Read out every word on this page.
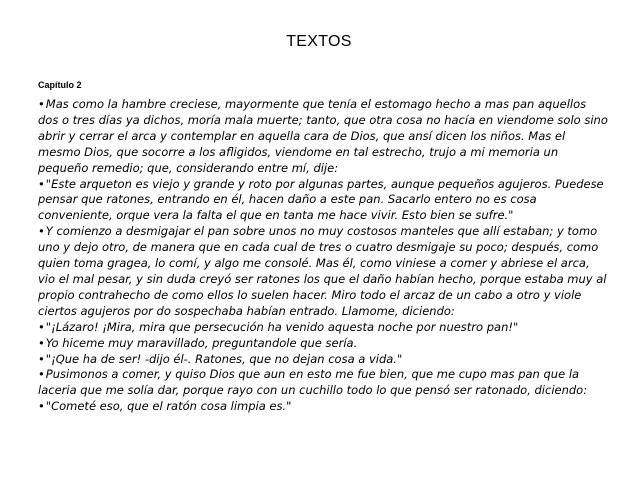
TEXTOS
Capítulo 2

•Mas como la hambre creciese, mayormente que tenía el estomago hecho a mas pan aquellos dos o tres días ya dichos, moría mala muerte; tanto, que otra cosa no hacía en viendome solo sino abrir y cerrar el arca y contemplar en aquella cara de Dios, que ansí dicen los niños. Mas el mesmo Dios, que socorre a los afligidos, viendome en tal estrecho, trujo a mi memoria un pequeño remedio; que, considerando entre mí, dije:

•"Este arqueton es viejo y grande y roto por algunas partes, aunque pequeños agujeros. Puedese pensar que ratones, entrando en él, hacen daño a este pan. Sacarlo entero no es cosa conveniente, orque vera la falta el que en tanta me hace vivir. Esto bien se sufre."

•Y comienzo a desmigajar el pan sobre unos no muy costosos manteles que allí estaban; y tomo uno y dejo otro, de manera que en cada cual de tres o cuatro desmigaje su poco; después, como quien toma gragea, lo comí, y algo me consolé. Mas él, como viniese a comer y abriese el arca, vio el mal pesar, y sin duda creyó ser ratones los que el daño habían hecho, porque estaba muy al propio contrahecho de como ellos lo suelen hacer. Miro todo el arcaz de un cabo a otro y viole ciertos agujeros por do sospechaba habían entrado. Llamome, diciendo:

•"¡Lázaro! ¡Mira, mira que persecución ha venido aquesta noche por nuestro pan!"

•Yo hiceme muy maravillado, preguntandole que sería.

•"¡Que ha de ser! -dijo él-. Ratones, que no dejan cosa a vida."

•Pusimonos a comer, y quiso Dios que aun en esto me fue bien, que me cupo mas pan que la laceria que me solía dar, porque rayo con un cuchillo todo lo que pensó ser ratonado, diciendo:

•"Cometé eso, que el ratón cosa limpia es."
